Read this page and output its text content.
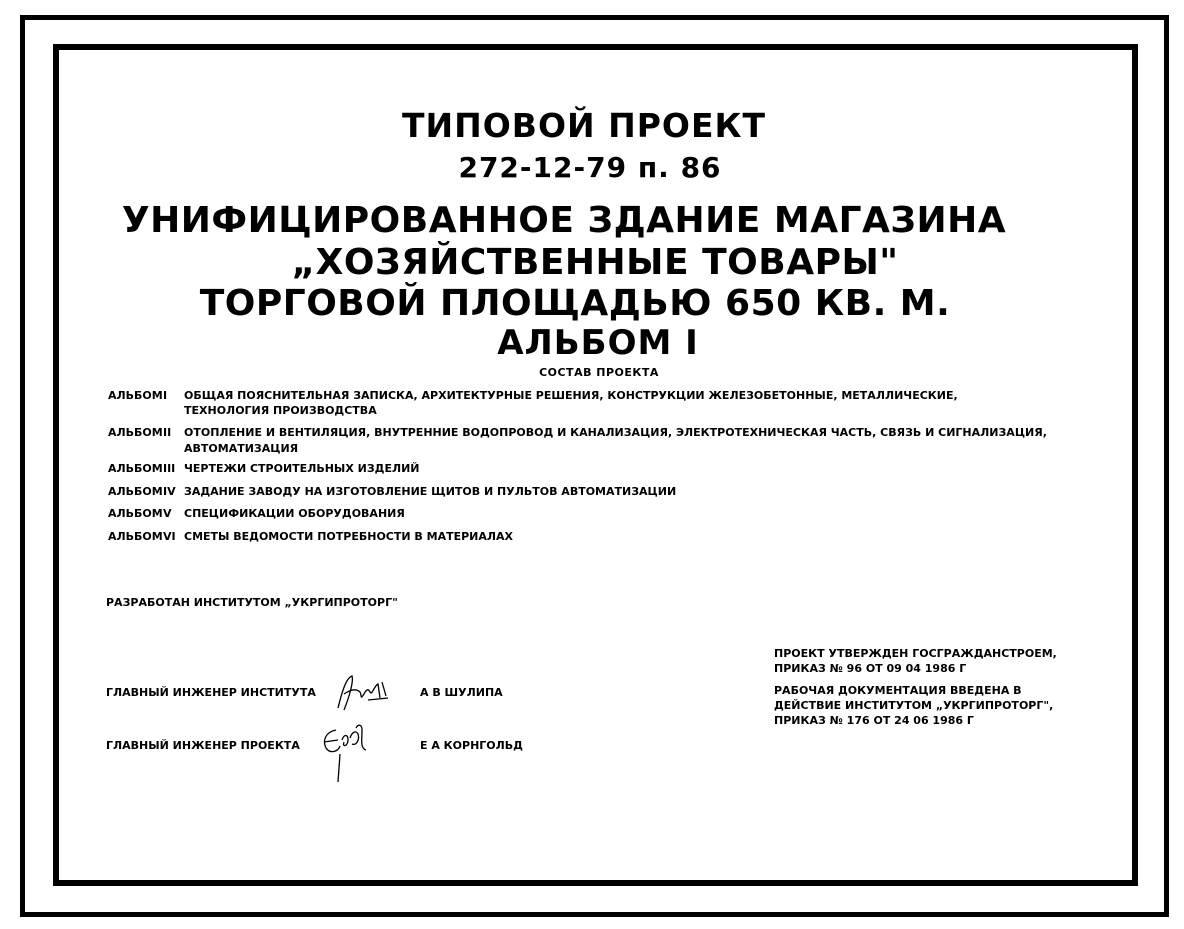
ТИПОВОЙ ПРОЕКТ
272-12-79 п. 86
УНИФИЦИРОВАННОЕ ЗДАНИЕ МАГАЗИНА
„ХОЗЯЙСТВЕННЫЕ ТОВАРЫ"
ТОРГОВОЙ ПЛОЩАДЬЮ 650 КВ. М.
АЛЬБОМ I
СОСТАВ ПРОЕКТА
АЛЬБОМ I ОБЩАЯ ПОЯСНИТЕЛЬНАЯ ЗАПИСКА, АРХИТЕКТУРНЫЕ РЕШЕНИЯ, КОНСТРУКЦИИ ЖЕЛЕЗОБЕТОННЫЕ, МЕТАЛЛИЧЕСКИЕ,
ТЕХНОЛОГИЯ ПРОИЗВОДСТВА
АЛЬБОМ II ОТОПЛЕНИЕ И ВЕНТИЛЯЦИЯ, ВНУТРЕННИЕ ВОДОПРОВОД И КАНАЛИЗАЦИЯ, ЭЛЕКТРОТЕХНИЧЕСКАЯ ЧАСТЬ, СВЯЗЬ И СИГНАЛИЗАЦИЯ,
АВТОМАТИЗАЦИЯ
АЛЬБОМ III ЧЕРТЕЖИ СТРОИТЕЛЬНЫХ ИЗДЕЛИЙ
АЛЬБОМ IV ЗАДАНИЕ ЗАВОДУ НА ИЗГОТОВЛЕНИЕ ЩИТОВ И ПУЛЬТОВ АВТОМАТИЗАЦИИ
АЛЬБОМ V СПЕЦИФИКАЦИИ ОБОРУДОВАНИЯ
АЛЬБОМ VI СМЕТЫ ВЕДОМОСТИ ПОТРЕБНОСТИ В МАТЕРИАЛАХ
РАЗРАБОТАН ИНСТИТУТОМ „УКРГИПРОТОРГ"
ГЛАВНЫЙ ИНЖЕНЕР ИНСТИТУТА	А В ШУЛИПА
ГЛАВНЫЙ ИНЖЕНЕР ПРОЕКТА	Е А КОРНГОЛЬД
ПРОЕКТ УТВЕРЖДЕН ГОСГРАЖДАНСТРОЕМ,
ПРИКАЗ № 96 ОТ 09 04 1986 Г
РАБОЧАЯ ДОКУМЕНТАЦИЯ ВВЕДЕНА В
ДЕЙСТВИЕ ИНСТИТУТОМ „УКРГИПРОТОРГ",
ПРИКАЗ № 176 ОТ 24 06 1986 Г
